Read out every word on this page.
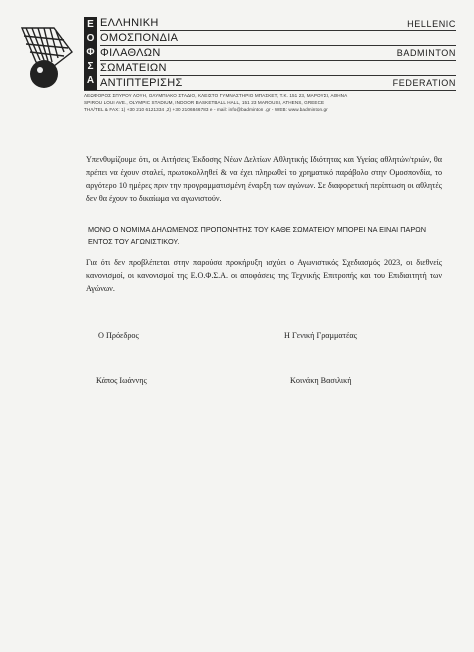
Ε
Ο
Φ
Σ
Α
ΕΛΛΗΝΙΚΗ
ΟΜΟΣΠΟΝΔΙΑ
ΦΙΛΑΘΛΩΝ
ΣΩΜΑΤΕΙΩΝ
ΑΝΤΙΠΤΕΡΙΣΗΣ
HELLENIC
BADMINTON
FEDERATION
ΛΕΩΦΟΡΟΣ ΣΠΥΡΟΥ ΛΟΥΗ, ΟΛΥΜΠΙΑΚΟ ΣΤΑΔΙΟ, ΚΛΕΙΣΤΟ ΓΥΜΝΑΣΤΗΡΙΟ ΜΠΑΣΚΕΤ, Τ.Κ. 151 23, ΜΑΡΟΥΣΙ, ΑΘΗΝΑ
SPIROU LOUI AVE., OLYMPIC STADIUM, INDOOR BASKETBALL HALL, 151 23 MAROUSI, ATHENS, GREECE
ΤΗΛ/TEL & FAX: 1) +30 210 6121334 ,2) +30 2106846783 e - mail: info@badminton .gr - WEB: www.badminton.gr
Υπενθυμίζουμε ότι, οι Αιτήσεις Έκδοσης Νέων Δελτίων Αθλητικής Ιδιότητας και Υγείας αθλητών/τριών, θα πρέπει να έχουν σταλεί, πρωτοκολληθεί & να έχει πληρωθεί το χρηματικό παράβολο στην Ομοσπονδία, το αργότερο 10 ημέρες πριν την προγραμματισμένη έναρξη των αγώνων. Σε διαφορετική περίπτωση οι αθλητές δεν θα έχουν το δικαίωμα να αγωνιστούν.
ΜΟΝΟ Ο ΝΟΜΙΜΑ ΔΗΛΩΜΕΝΟΣ ΠΡΟΠΟΝΗΤΗΣ ΤΟΥ ΚΑΘΕ ΣΩΜΑΤΕΙΟΥ ΜΠΟΡΕΙ ΝΑ ΕΙΝΑΙ ΠΑΡΩΝ ΕΝΤΟΣ ΤΟΥ ΑΓΩΝΙΣΤΙΚΟΥ.
Για ότι δεν προβλέπεται στην παρούσα προκήρυξη ισχύει ο Αγωνιστικός Σχεδιασμός 2023, οι διεθνείς κανονισμοί, οι κανονισμοί της Ε.Ο.Φ.Σ.Α. οι αποφάσεις της Τεχνικής Επιτροπής και του Επιδιαιτητή των Αγώνων.
Ο Πρόεδρος	Η Γενική Γραμματέας
Κάπος Ιωάννης	Κοινάκη Βασιλική
